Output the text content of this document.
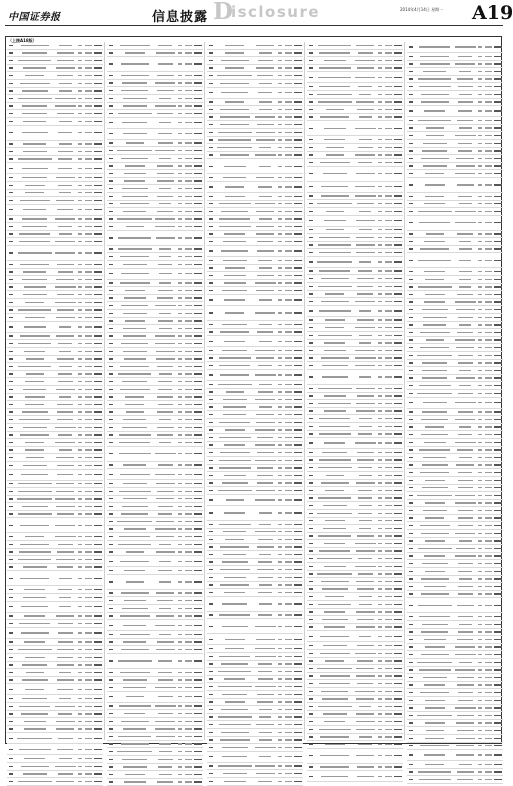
中国证券报	信息披露 Disclosure	2014年4月14日 星期一 A19
（上接A18版）
